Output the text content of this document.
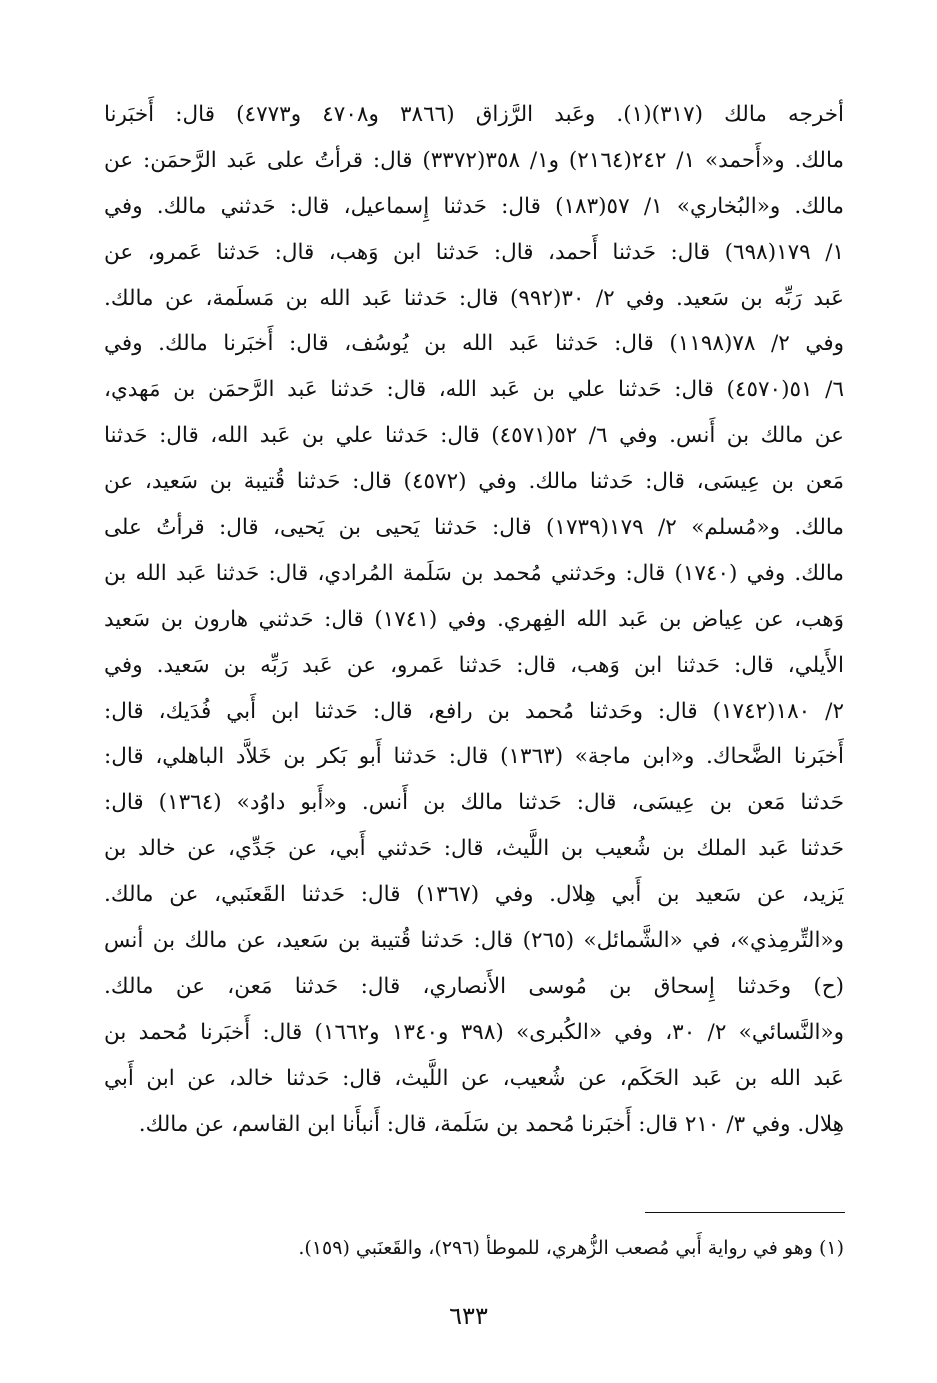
أخرجه مالك (٣١٧)(١). وعَبد الرَّزاق (٣٨٦٦ و٤٧٠٨ و٤٧٧٣) قال: أَخبَرنا
مالك. و«أَحمد» ١/ ٢٤٢(٢١٦٤) و١/ ٣٥٨(٣٣٧٢) قال: قرأتُ على عَبد الرَّحمَن: عن
مالك. و«البُخاري» ١/ ٥٧(١٨٣) قال: حَدثنا إِسماعيل، قال: حَدثني مالك. وفي
١/ ١٧٩(٦٩٨) قال: حَدثنا أَحمد، قال: حَدثنا ابن وَهب، قال: حَدثنا عَمرو، عن
عَبد رَبِّه بن سَعيد. وفي ٢/ ٣٠(٩٩٢) قال: حَدثنا عَبد الله بن مَسلَمة، عن مالك.
وفي ٢/ ٧٨(١١٩٨) قال: حَدثنا عَبد الله بن يُوسُف، قال: أَخبَرنا مالك. وفي
٦/ ٥١(٤٥٧٠) قال: حَدثنا علي بن عَبد الله، قال: حَدثنا عَبد الرَّحمَن بن مَهدي،
عن مالك بن أَنس. وفي ٦/ ٥٢(٤٥٧١) قال: حَدثنا علي بن عَبد الله، قال: حَدثنا
مَعن بن عِيسَى، قال: حَدثنا مالك. وفي (٤٥٧٢) قال: حَدثنا قُتيبة بن سَعيد، عن
مالك. و«مُسلم» ٢/ ١٧٩(١٧٣٩) قال: حَدثنا يَحيى بن يَحيى، قال: قرأتُ على
مالك. وفي (١٧٤٠) قال: وحَدثني مُحمد بن سَلَمة المُرادي، قال: حَدثنا عَبد الله بن
وَهب، عن عِياض بن عَبد الله الفِهري. وفي (١٧٤١) قال: حَدثني هارون بن سَعيد
الأَيلي، قال: حَدثنا ابن وَهب، قال: حَدثنا عَمرو، عن عَبد رَبِّه بن سَعيد. وفي
٢/ ١٨٠(١٧٤٢) قال: وحَدثنا مُحمد بن رافع، قال: حَدثنا ابن أَبي فُدَيك، قال:
أَخبَرنا الضَّحاك. و«ابن ماجة» (١٣٦٣) قال: حَدثنا أَبو بَكر بن خَلاَّد الباهلي، قال:
حَدثنا مَعن بن عِيسَى، قال: حَدثنا مالك بن أَنس. و«أَبو داوُد» (١٣٦٤) قال:
حَدثنا عَبد الملك بن شُعيب بن اللَّيث، قال: حَدثني أَبي، عن جَدِّي، عن خالد بن
يَزيد، عن سَعيد بن أَبي هِلال. وفي (١٣٦٧) قال: حَدثنا القَعنَبي، عن مالك.
و«التِّرمِذي»، في «الشَّمائل» (٢٦٥) قال: حَدثنا قُتيبة بن سَعيد، عن مالك بن أنس
(ح) وحَدثنا إِسحاق بن مُوسى الأَنصاري، قال: حَدثنا مَعن، عن مالك.
و«النَّسائي» ٢/ ٣٠، وفي «الكُبرى» (٣٩٨ و١٣٤٠ و١٦٦٢) قال: أَخبَرنا مُحمد بن
عَبد الله بن عَبد الحَكَم، عن شُعيب، عن اللَّيث، قال: حَدثنا خالد، عن ابن أَبي
هِلال. وفي ٣/ ٢١٠ قال: أَخبَرنا مُحمد بن سَلَمة، قال: أَنبأَنا ابن القاسم، عن مالك.
(١) وهو في رواية أَبي مُصعب الزُّهري، للموطأ (٢٩٦)، والقَعنَبي (١٥٩).
٦٣٣
